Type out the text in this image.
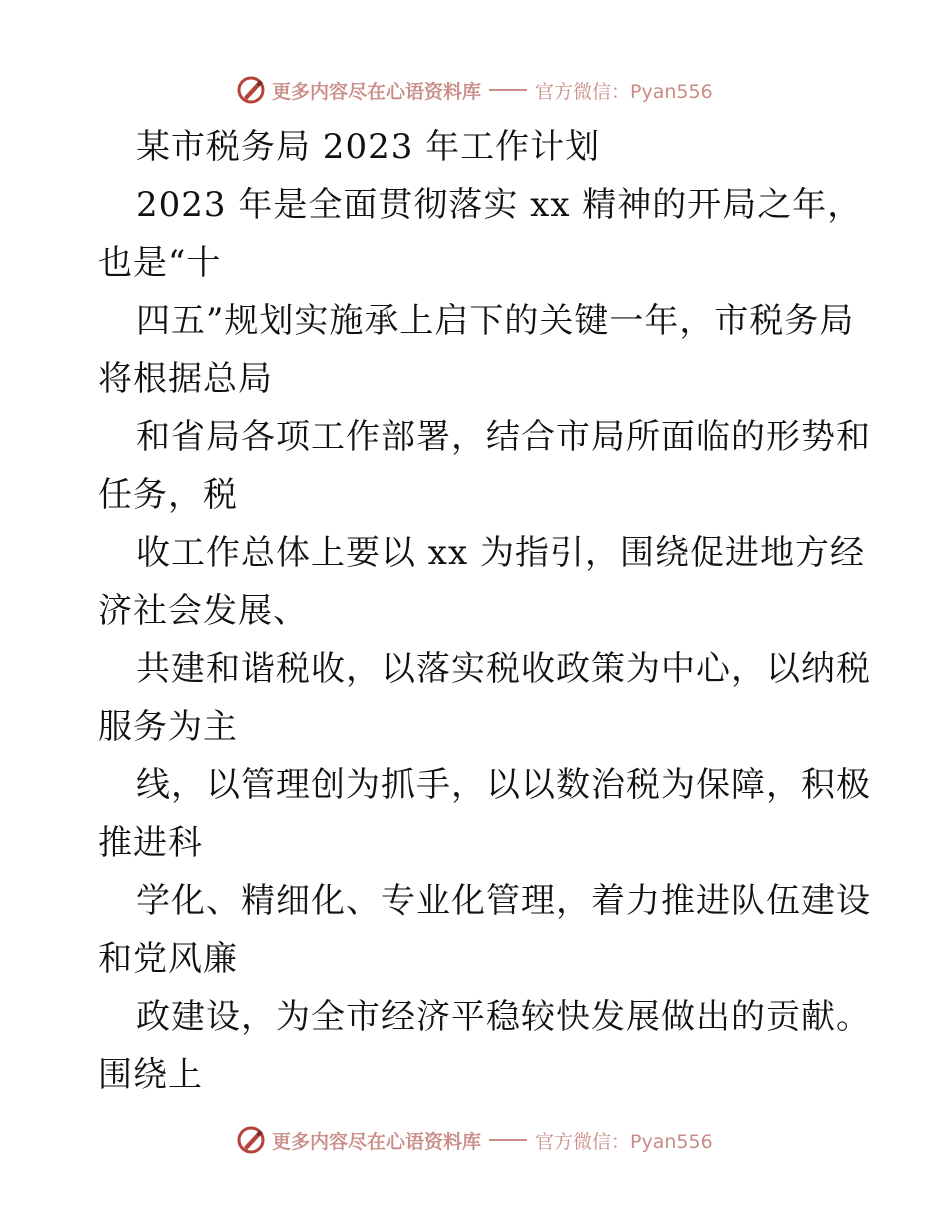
更多内容尽在心语资料库	官方微信：Pyan556
某市税务局 2023 年工作计划
2023 年是全面贯彻落实 xx 精神的开局之年，
也是“十
四五”规划实施承上启下的关键一年，市税务局
将根据总局
和省局各项工作部署，结合市局所面临的形势和
任务，税
收工作总体上要以 xx 为指引，围绕促进地方经
济社会发展、
共建和谐税收，以落实税收政策为中心，以纳税
服务为主
线，以管理创为抓手，以以数治税为保障，积极
推进科
学化、精细化、专业化管理，着力推进队伍建设
和党风廉
政建设，为全市经济平稳较快发展做出的贡献。
围绕上
更多内容尽在心语资料库	官方微信：Pyan556
